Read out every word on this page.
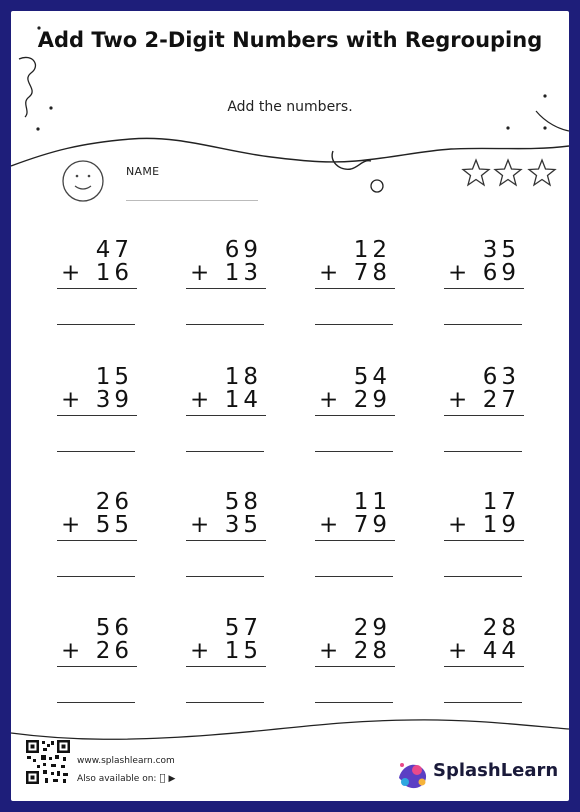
Add Two 2-Digit Numbers with Regrouping
Add the numbers.
NAME
47
+ 16
69
+ 13
12
+ 78
35
+ 69
15
+ 39
18
+ 14
54
+ 29
63
+ 27
26
+ 55
58
+ 35
11
+ 79
17
+ 19
56
+ 26
57
+ 15
29
+ 28
28
+ 44
www.splashlearn.com
Also available on: ▶	SplashLearn
